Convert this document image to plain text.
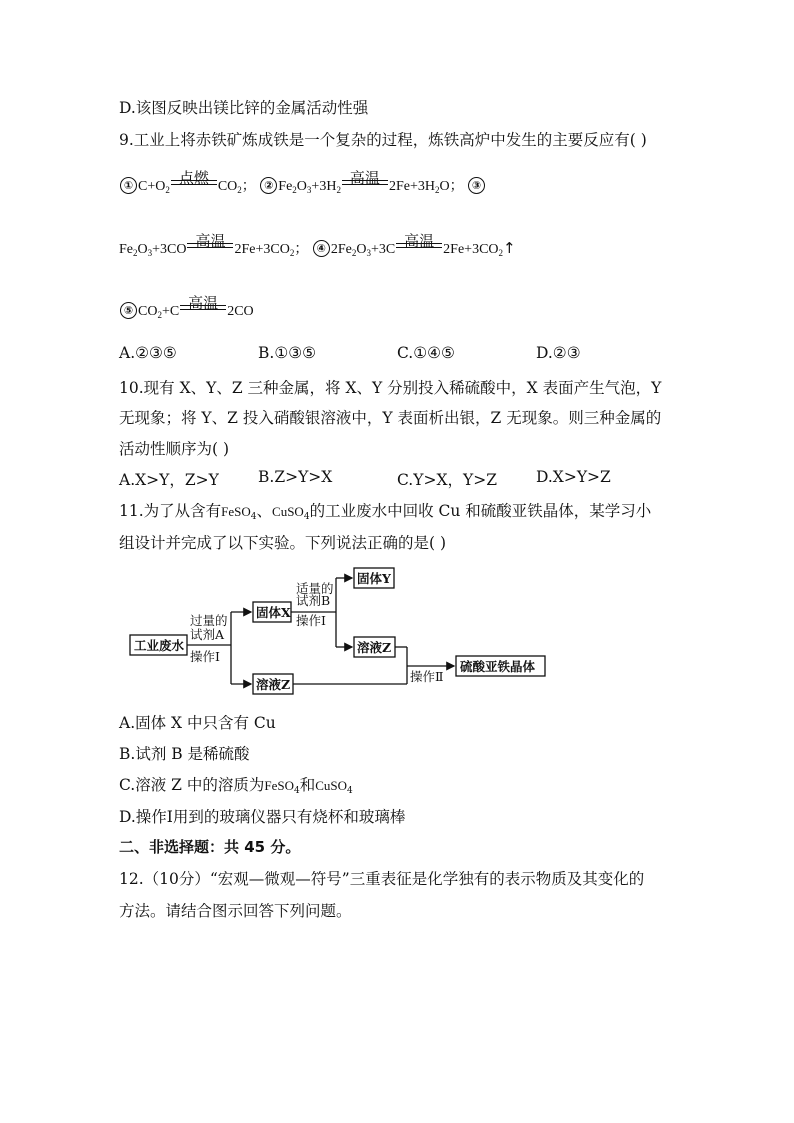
D.该图反映出镁比锌的金属活动性强
9.工业上将赤铁矿炼成铁是一个复杂的过程，炼铁高炉中发生的主要反应有( )
① $C+O_2$
点燃 $CO_2$； ② $Fe_2O_3+3H_2$
高温 $2Fe+3H_2O$； ③
$Fe_2O_3+3CO$ 高温 $2Fe+3CO_2$； ④ $2Fe_2O_3+3C$ 高温 $2Fe+3CO_2↑$
⑤ $CO_2+C$ 高温 2CO
A.②③⑤	B.①③⑤	C.①④⑤	D.②③
10.现有 X、Y、Z 三种金属，将 X、Y 分别投入稀硫酸中，X 表面产生气泡，Y
无现象；将 Y、Z 投入硝酸银溶液中，Y 表面析出银，Z 无现象。则三种金属的
活动性顺序为( )
A.X>Y，Z>Y	B.Z>Y>X	C.Y>X，Y>Z	D.X>Y>Z
11.为了从含有FeSO$_4$、CuSO$_4$的工业废水中回收 Cu 和硫酸亚铁晶体，某学习小
组设计并完成了以下实验。下列说法正确的是( )
工业废水
过量的
试剂A
操作Ⅰ
固体X
溶液Z
适量的
试剂B
操作Ⅰ
固体Y
溶液Z
操作Ⅱ
硫酸亚铁晶体
A.固体 X 中只含有 Cu
B.试剂 B 是稀硫酸
C.溶液 Z 中的溶质为FeSO$_4$和CuSO$_4$
D.操作Ⅰ用到的玻璃仪器只有烧杯和玻璃棒
二、非选择题：共 45 分。
12.（10分）“宏观—微观—符号”三重表征是化学独有的表示物质及其变化的
方法。请结合图示回答下列问题。
